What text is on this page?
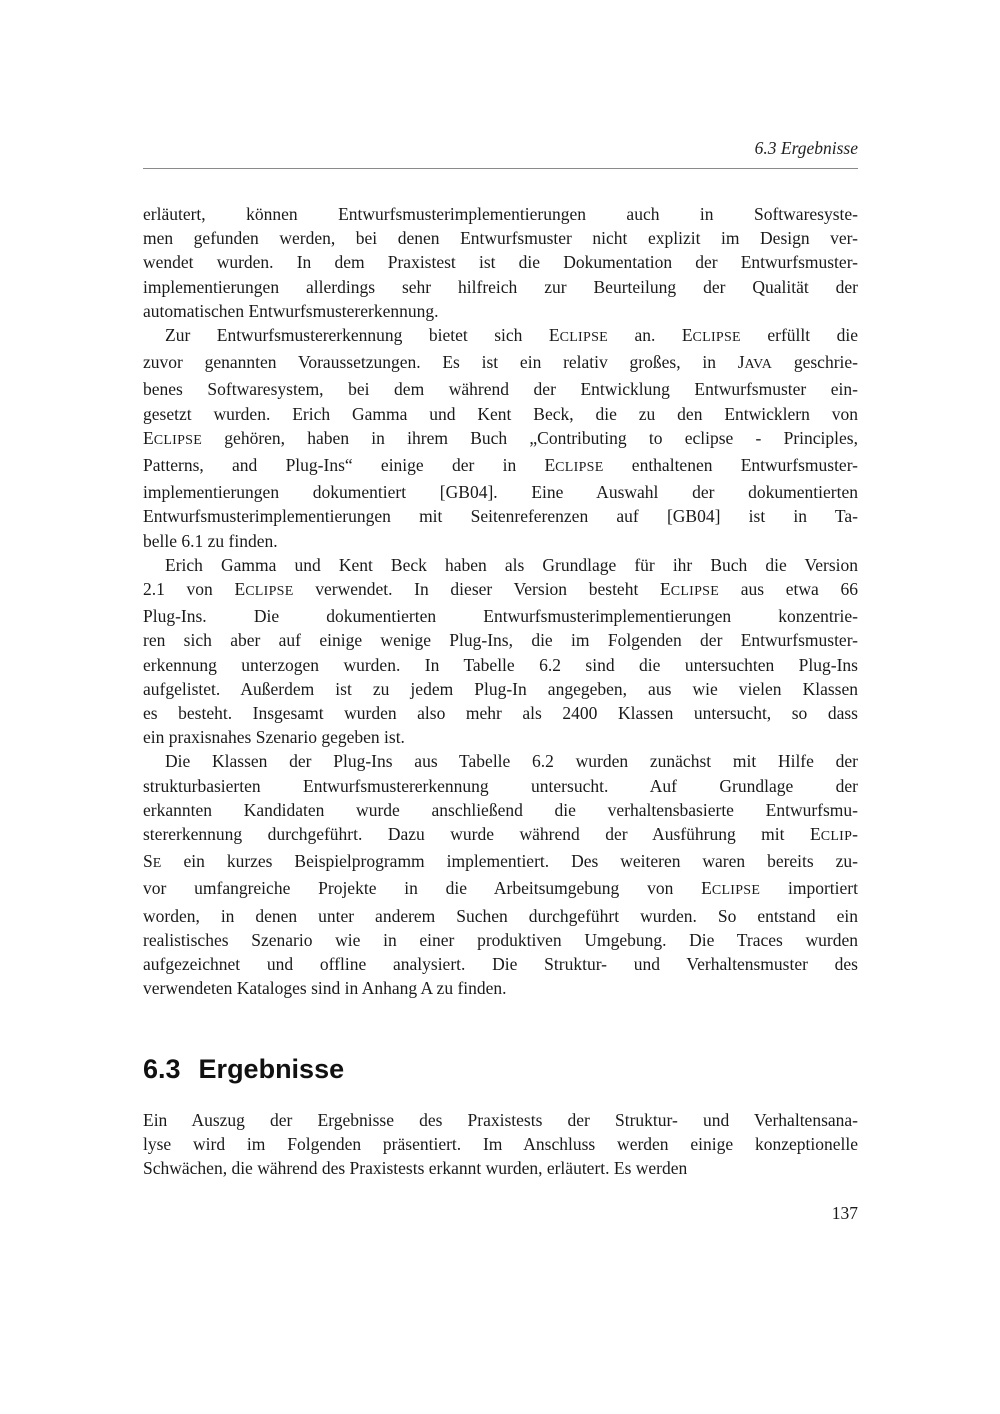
6.3 Ergebnisse
erläutert, können Entwurfsmusterimplementierungen auch in Softwaresyste-
men gefunden werden, bei denen Entwurfsmuster nicht explizit im Design ver-
wendet wurden. In dem Praxistest ist die Dokumentation der Entwurfsmuster-
implementierungen allerdings sehr hilfreich zur Beurteilung der Qualität der
automatischen Entwurfsmustererkennung.
Zur Entwurfsmustererkennung bietet sich ECLIPSE an. ECLIPSE erfüllt die
zuvor genannten Voraussetzungen. Es ist ein relativ großes, in JAVA geschrie-
benes Softwaresystem, bei dem während der Entwicklung Entwurfsmuster ein-
gesetzt wurden. Erich Gamma und Kent Beck, die zu den Entwicklern von
ECLIPSE gehören, haben in ihrem Buch „Contributing to eclipse - Principles,
Patterns, and Plug-Ins“ einige der in ECLIPSE enthaltenen Entwurfsmuster-
implementierungen dokumentiert [GB04]. Eine Auswahl der dokumentierten
Entwurfsmusterimplementierungen mit Seitenreferenzen auf [GB04] ist in Ta-
belle 6.1 zu finden.
Erich Gamma und Kent Beck haben als Grundlage für ihr Buch die Version
2.1 von ECLIPSE verwendet. In dieser Version besteht ECLIPSE aus etwa 66
Plug-Ins. Die dokumentierten Entwurfsmusterimplementierungen konzentrie-
ren sich aber auf einige wenige Plug-Ins, die im Folgenden der Entwurfsmuster-
erkennung unterzogen wurden. In Tabelle 6.2 sind die untersuchten Plug-Ins
aufgelistet. Außerdem ist zu jedem Plug-In angegeben, aus wie vielen Klassen
es besteht. Insgesamt wurden also mehr als 2400 Klassen untersucht, so dass
ein praxisnahes Szenario gegeben ist.
Die Klassen der Plug-Ins aus Tabelle 6.2 wurden zunächst mit Hilfe der
strukturbasierten Entwurfsmustererkennung untersucht. Auf Grundlage der
erkannten Kandidaten wurde anschließend die verhaltensbasierte Entwurfsmu-
stererkennung durchgeführt. Dazu wurde während der Ausführung mit ECLIP-
SE ein kurzes Beispielprogramm implementiert. Des weiteren waren bereits zu-
vor umfangreiche Projekte in die Arbeitsumgebung von ECLIPSE importiert
worden, in denen unter anderem Suchen durchgeführt wurden. So entstand ein
realistisches Szenario wie in einer produktiven Umgebung. Die Traces wurden
aufgezeichnet und offline analysiert. Die Struktur- und Verhaltensmuster des
verwendeten Kataloges sind in Anhang A zu finden.
6.3 Ergebnisse
Ein Auszug der Ergebnisse des Praxistests der Struktur- und Verhaltensana-
lyse wird im Folgenden präsentiert. Im Anschluss werden einige konzeptionelle
Schwächen, die während des Praxistests erkannt wurden, erläutert. Es werden
137
